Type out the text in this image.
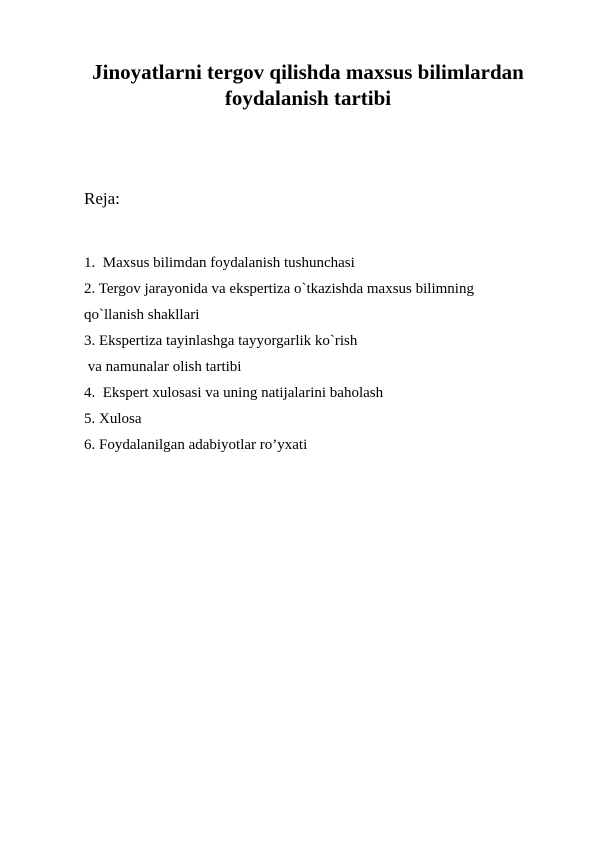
Jinoyatlarni tergov qilishda maxsus bilimlardan
foydalanish tartibi
Reja:
1.  Maxsus bilimdan foydalanish tushunchasi
2. Tergov jarayonida va ekspertiza o`tkazishda maxsus bilimning
qo`llanish shakllari
3. Ekspertiza tayinlashga tayyorgarlik ko`rish
va namunalar olish tartibi
4.  Ekspert xulosasi va uning natijalarini baholash
5. Xulosa
6. Foydalanilgan adabiyotlar ro’yxati
